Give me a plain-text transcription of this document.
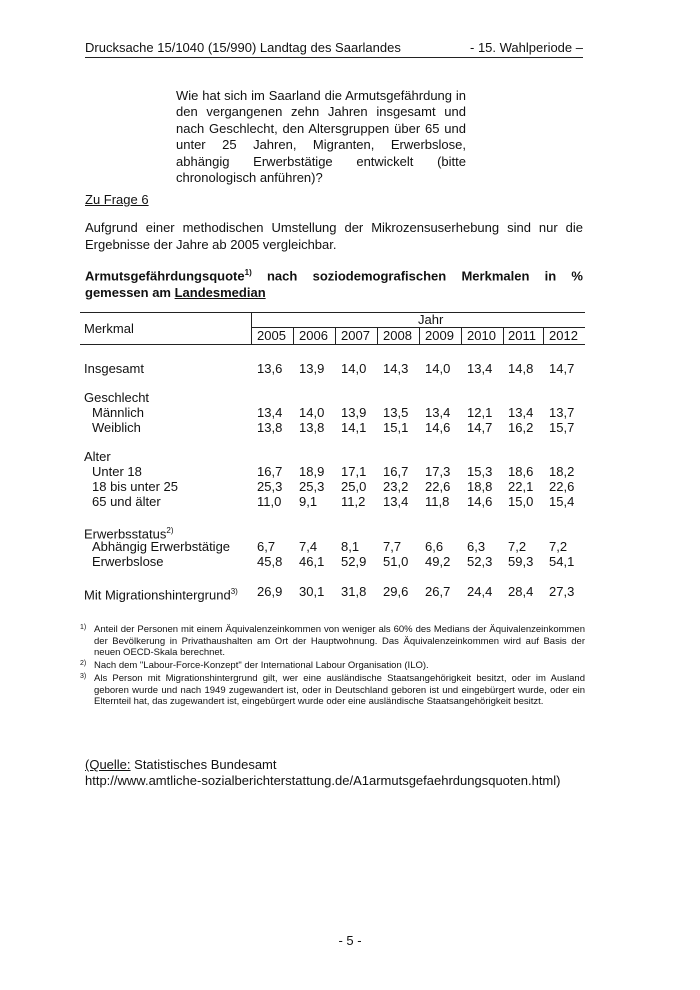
Drucksache 15/1040 (15/990) Landtag des Saarlandes	- 15. Wahlperiode –
Wie hat sich im Saarland die Armutsgefährdung in den vergangenen zehn Jahren insgesamt und nach Geschlecht, den Altersgruppen über 65 und unter 25 Jahren, Migranten, Erwerbslose, abhängig Erwerbstätige entwickelt (bitte chronologisch anführen)?
Zu Frage 6
Aufgrund einer methodischen Umstellung der Mikrozensuserhebung sind nur die Ergebnisse der Jahre ab 2005 vergleichbar.
Armutsgefährdungsquote$^{1)}$ nach soziodemografischen Merkmalen in % gemessen am Landesmedian
Merkmal
Jahr
2005 2006 2007 2008 2009 2010 2011 2012
Insgesamt	13,6 13,9 14,0 14,3 14,0 13,4 14,8 14,7
Geschlecht
Männlich	13,4 14,0 13,9 13,5 13,4 12,1 13,4 13,7
Weiblich	13,8 13,8 14,1 15,1 14,6 14,7 16,2 15,7
Alter
Unter 18	16,7 18,9 17,1 16,7 17,3 15,3 18,6 18,2
18 bis unter 25	25,3 25,3 25,0 23,2 22,6 18,8 22,1 22,6
65 und älter	11,0 9,1 11,2 13,4 11,8 14,6 15,0 15,4
Erwerbsstatus$^{2)}$
Abhängig Erwerbstätige 6,7 7,4 8,1 7,7 6,6 6,3 7,2 7,2
Erwerbslose	45,8 46,1 52,9 51,0 49,2 52,3 59,3 54,1
Mit Migrationshintergrund$^{3)}$ 26,9 30,1 31,8 29,6 26,7 24,4 28,4 27,3
1) Anteil der Personen mit einem Äquivalenzeinkommen von weniger als 60% des Medians der Äquivalenzeinkommen der Bevölkerung in Privathaushalten am Ort der Hauptwohnung. Das Äquivalenzeinkommen wird auf Basis der neuen OECD-Skala berechnet.
2) Nach dem "Labour-Force-Konzept" der International Labour Organisation (ILO).
3) Als Person mit Migrationshintergrund gilt, wer eine ausländische Staatsangehörigkeit besitzt, oder im Ausland geboren wurde und nach 1949 zugewandert ist, oder in Deutschland geboren ist und eingebürgert wurde, oder ein Elternteil hat, das zugewandert ist, eingebürgert wurde oder eine ausländische Staatsangehörigkeit besitzt.
(Quelle: Statistisches Bundesamt
http://www.amtliche-sozialberichterstattung.de/A1armutsgefaehrdungsquoten.html)
- 5 -
